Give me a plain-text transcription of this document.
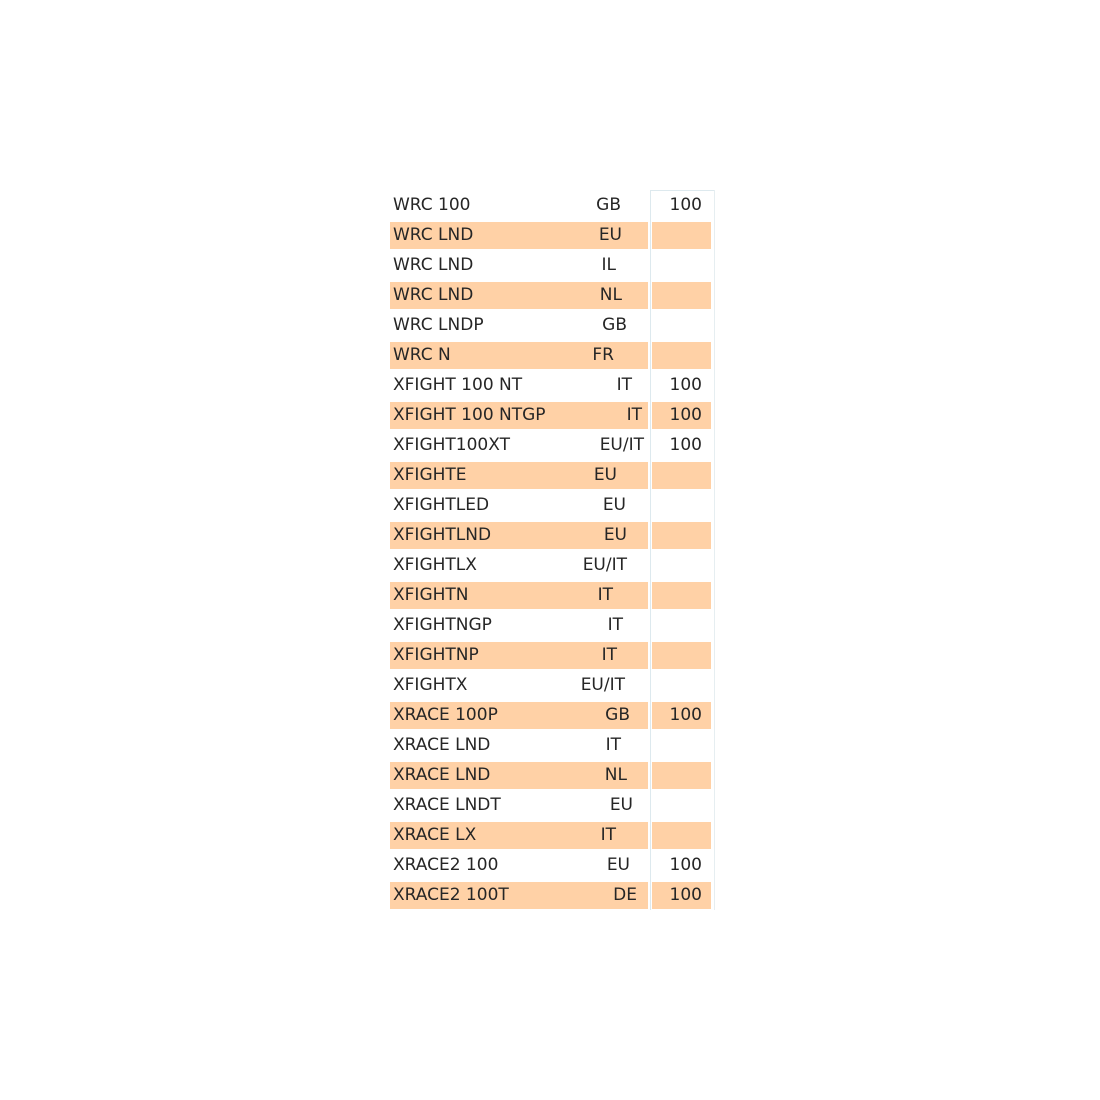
WRC 100	GB	100
WRC LND	EU
WRC LND	IL
WRC LND	NL
WRC LNDP	GB
WRC N	FR
XFIGHT 100 NT	IT	100
XFIGHT 100 NTGP	IT	100
XFIGHT100XT	EU/IT	100
XFIGHTE	EU
XFIGHTLED	EU
XFIGHTLND	EU
XFIGHTLX	EU/IT
XFIGHTN	IT
XFIGHTNGP	IT
XFIGHTNP	IT
XFIGHTX	EU/IT
XRACE 100P	GB	100
XRACE LND	IT
XRACE LND	NL
XRACE LNDT	EU
XRACE LX	IT
XRACE2 100	EU	100
XRACE2 100T	DE	100
